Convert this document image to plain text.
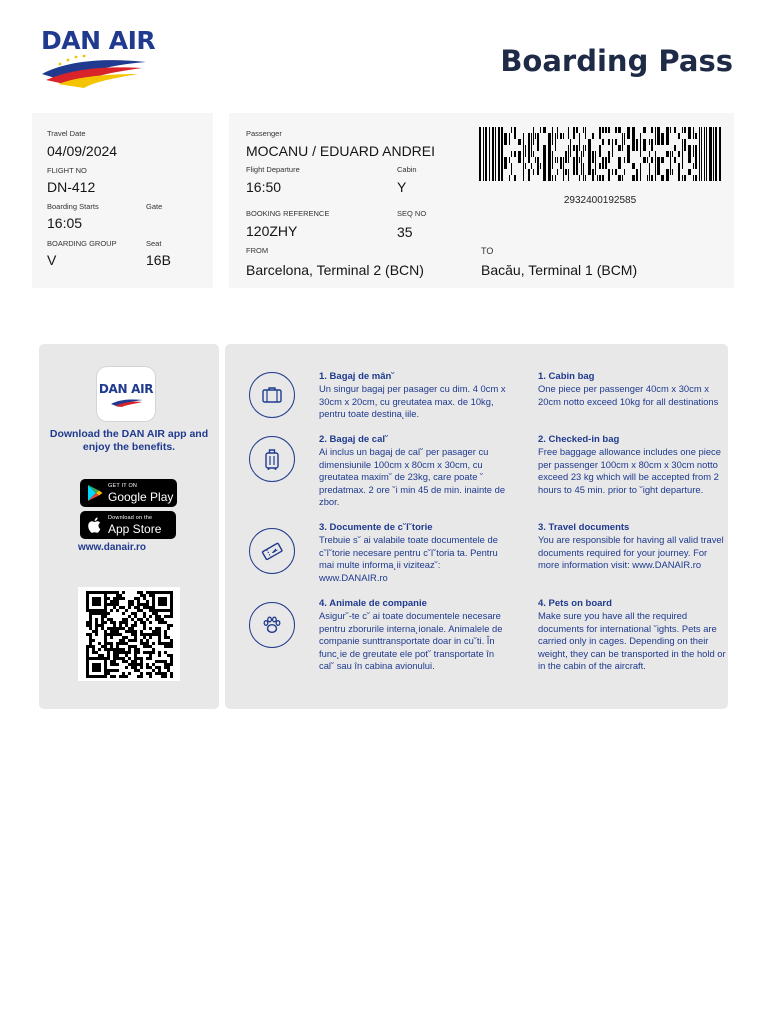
DAN AIR
Boarding Pass
Travel Date
04/09/2024
FLIGHT NO
DN-412
Boarding Starts
16:05
Gate
BOARDING GROUP
V
Seat
16B
Passenger
MOCANU / EDUARD ANDREI
Flight Departure
16:50
Cabin
Y
BOOKING REFERENCE
120ZHY
SEQ NO
35
FROM
Barcelona, Terminal 2 (BCN)
TO
Bacău, Terminal 1 (BCM)
2932400192585
DAN AIR
Download the DAN AIR app and enjoy the benefits.
GET IT ON
Google Play
Download on the
App Store
www.danair.ro
1. Bagaj de mân˘
Un singur bagaj per pasager cu dim. 4 0cm x 30cm x 20cm, cu greutatea max. de 10kg, pentru toate destina˛iile.
1. Cabin bag
One piece per passenger 40cm x 30cm x 20cm notto exceed 10kg for all destinations
2. Bagaj de cal˘
Ai inclus un bagaj de cal˘ per pasager cu dimensiunile 100cm x 80cm x 30cm, cu greutatea maxim˘ de 23kg, care poate ˘ predatmax. 2 ore ˘i min 45 de min. inainte de zbor.
2. Checked-in bag
Free baggage allowance includes one piece per passenger 100cm x 80cm x 30cm notto exceed 23 kg which will be accepted from 2 hours to 45 min. prior to ˘ight departure.
3. Documente de c˘l˘torie
Trebuie s˘ ai valabile toate documentele de c˘l˘torie necesare pentru c˘l˘toria ta. Pentru mai multe informa˛ii viziteaz˘: www.DANAIR.ro
3. Travel documents
You are responsible for having all valid travel documents required for your journey. For more information visit: www.DANAIR.ro
4. Animale de companie
Asigur˘-te c˘ ai toate documentele necesare pentru zborurile interna˛ionale. Animalele de companie sunttransportate doar in cu˘ti. În func˛ie de greutate ele pot˘ transportate în cal˘ sau în cabina avionului.
4. Pets on board
Make sure you have all the required documents for international ˘ights. Pets are carried only in cages. Depending on their weight, they can be transported in the hold or in the cabin of the aircraft.
